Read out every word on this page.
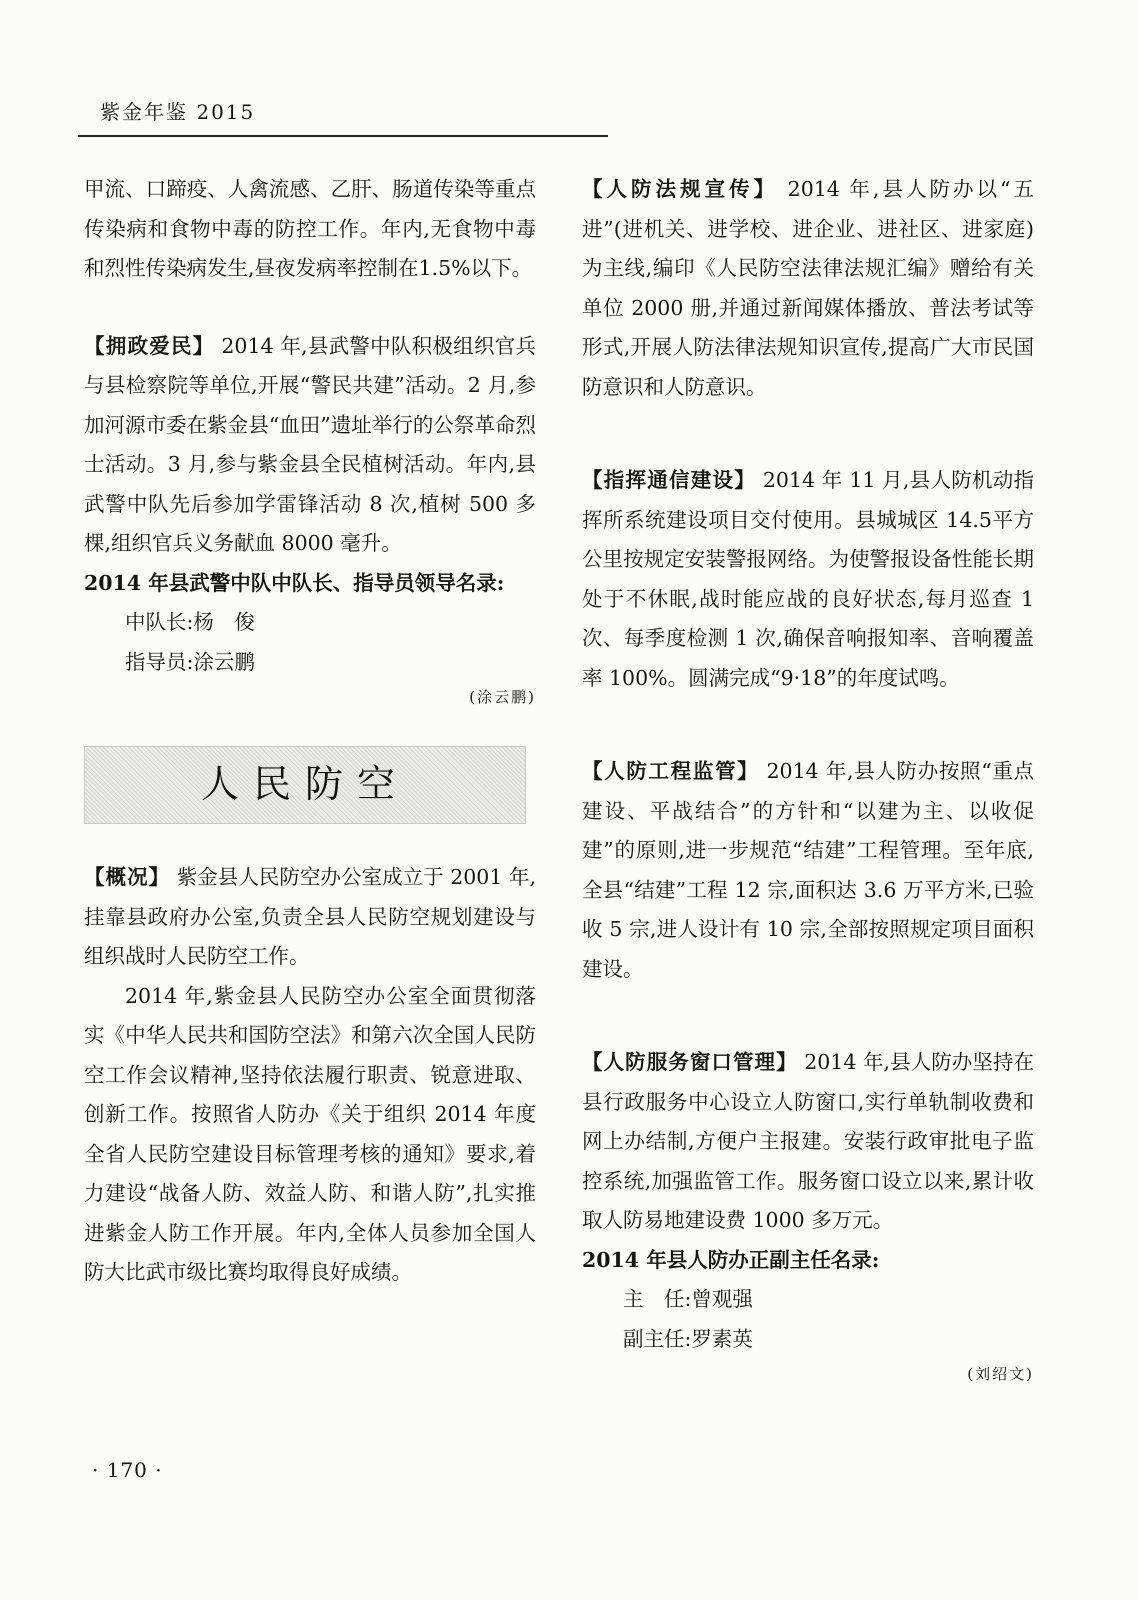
紫金年鉴 2015

甲流、口蹄疫、人禽流感、乙肝、肠道传染等重点传染病和食物中毒的防控工作。年内,无食物中毒和烈性传染病发生,昼夜发病率控制在1.5%以下。

【拥政爱民】 2014 年,县武警中队积极组织官兵与县检察院等单位,开展“警民共建”活动。2 月,参加河源市委在紫金县“血田”遗址举行的公祭革命烈士活动。3 月,参与紫金县全民植树活动。年内,县武警中队先后参加学雷锋活动 8 次,植树 500 多棵,组织官兵义务献血 8000 毫升。

2014 年县武警中队中队长、指导员领导名录:

中队长:杨　俊

指导员:涂云鹏

(涂云鹏)

人民防空

【概况】 紫金县人民防空办公室成立于 2001 年,挂靠县政府办公室,负责全县人民防空规划建设与组织战时人民防空工作。

2014 年,紫金县人民防空办公室全面贯彻落实《中华人民共和国防空法》和第六次全国人民防空工作会议精神,坚持依法履行职责、锐意进取、创新工作。按照省人防办《关于组织 2014 年度全省人民防空建设目标管理考核的通知》要求,着力建设“战备人防、效益人防、和谐人防”,扎实推进紫金人防工作开展。年内,全体人员参加全国人防大比武市级比赛均取得良好成绩。

【人防法规宣传】 2014 年,县人防办以“五进”(进机关、进学校、进企业、进社区、进家庭)为主线,编印《人民防空法律法规汇编》赠给有关单位 2000 册,并通过新闻媒体播放、普法考试等形式,开展人防法律法规知识宣传,提高广大市民国防意识和人防意识。

【指挥通信建设】 2014 年 11 月,县人防机动指挥所系统建设项目交付使用。县城城区 14.5平方公里按规定安装警报网络。为使警报设备性能长期处于不休眠,战时能应战的良好状态,每月巡查 1 次、每季度检测 1 次,确保音响报知率、音响覆盖率 100%。圆满完成“9·18”的年度试鸣。

【人防工程监管】 2014 年,县人防办按照“重点建设、平战结合”的方针和“以建为主、以收促建”的原则,进一步规范“结建”工程管理。至年底,全县“结建”工程 12 宗,面积达 3.6 万平方米,已验收 5 宗,进人设计有 10 宗,全部按照规定项目面积建设。

【人防服务窗口管理】 2014 年,县人防办坚持在县行政服务中心设立人防窗口,实行单轨制收费和网上办结制,方便户主报建。安装行政审批电子监控系统,加强监管工作。服务窗口设立以来,累计收取人防易地建设费 1000 多万元。

2014 年县人防办正副主任名录:

主　任:曾观强

副主任:罗素英

(刘绍文)

· 170 ·
